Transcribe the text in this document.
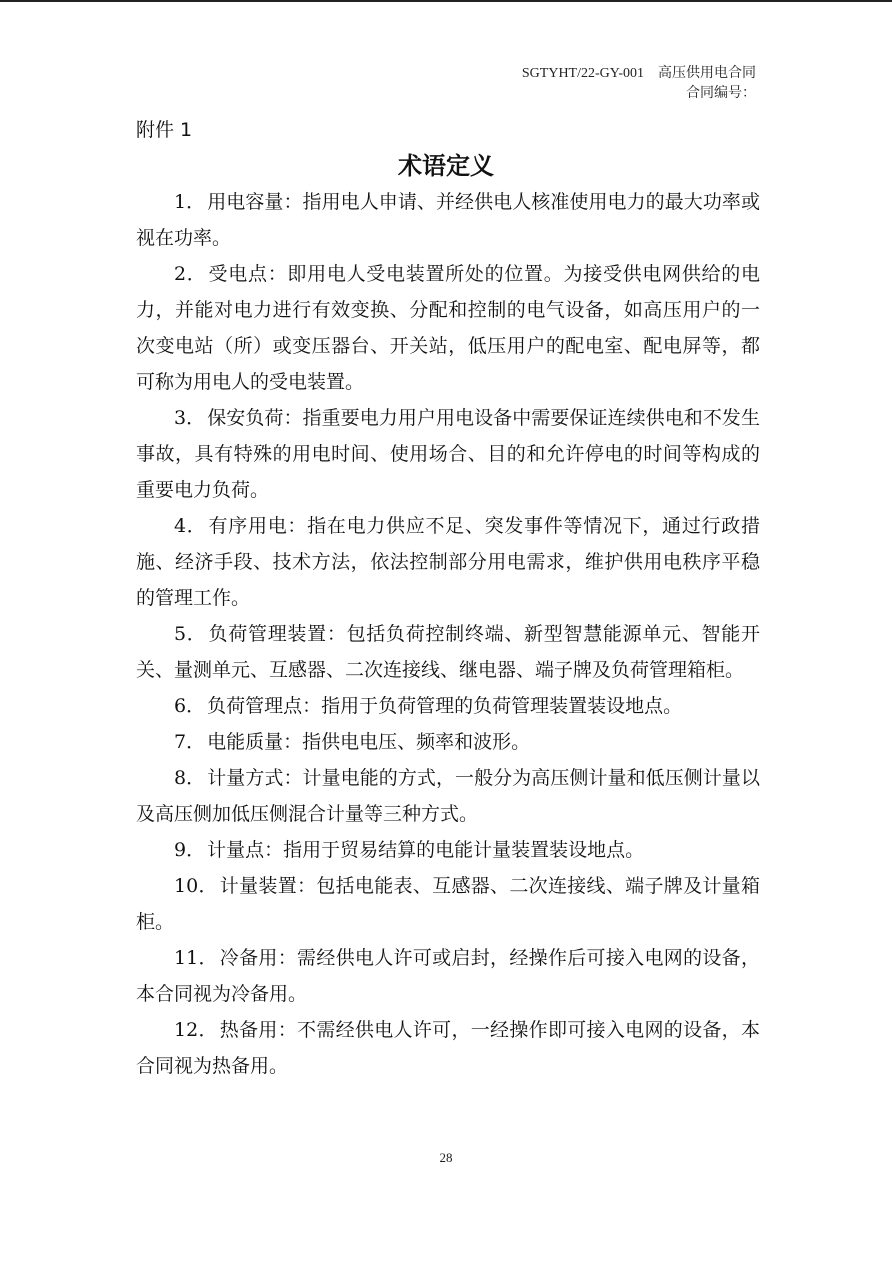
SGTYHT/22-GY-001 高压供用电合同
合同编号：
附件 1
术语定义

1． 用电容量：指用电人申请、并经供电人核准使用电力的最大功率或视在功率。

2． 受电点：即用电人受电装置所处的位置。为接受供电网供给的电力，并能对电力进行有效变换、分配和控制的电气设备，如高压用户的一次变电站（所）或变压器台、开关站，低压用户的配电室、配电屏等，都可称为用电人的受电装置。

3． 保安负荷：指重要电力用户用电设备中需要保证连续供电和不发生事故，具有特殊的用电时间、使用场合、目的和允许停电的时间等构成的重要电力负荷。

4． 有序用电：指在电力供应不足、突发事件等情况下，通过行政措施、经济手段、技术方法，依法控制部分用电需求，维护供用电秩序平稳的管理工作。

5． 负荷管理装置：包括负荷控制终端、新型智慧能源单元、智能开关、量测单元、互感器、二次连接线、继电器、端子牌及负荷管理箱柜。

6． 负荷管理点：指用于负荷管理的负荷管理装置装设地点。

7． 电能质量：指供电电压、频率和波形。

8． 计量方式：计量电能的方式，一般分为高压侧计量和低压侧计量以及高压侧加低压侧混合计量等三种方式。

9． 计量点：指用于贸易结算的电能计量装置装设地点。

10． 计量装置：包括电能表、互感器、二次连接线、端子牌及计量箱柜。

11． 冷备用：需经供电人许可或启封，经操作后可接入电网的设备，本合同视为冷备用。

12． 热备用：不需经供电人许可，一经操作即可接入电网的设备，本合同视为热备用。

28
